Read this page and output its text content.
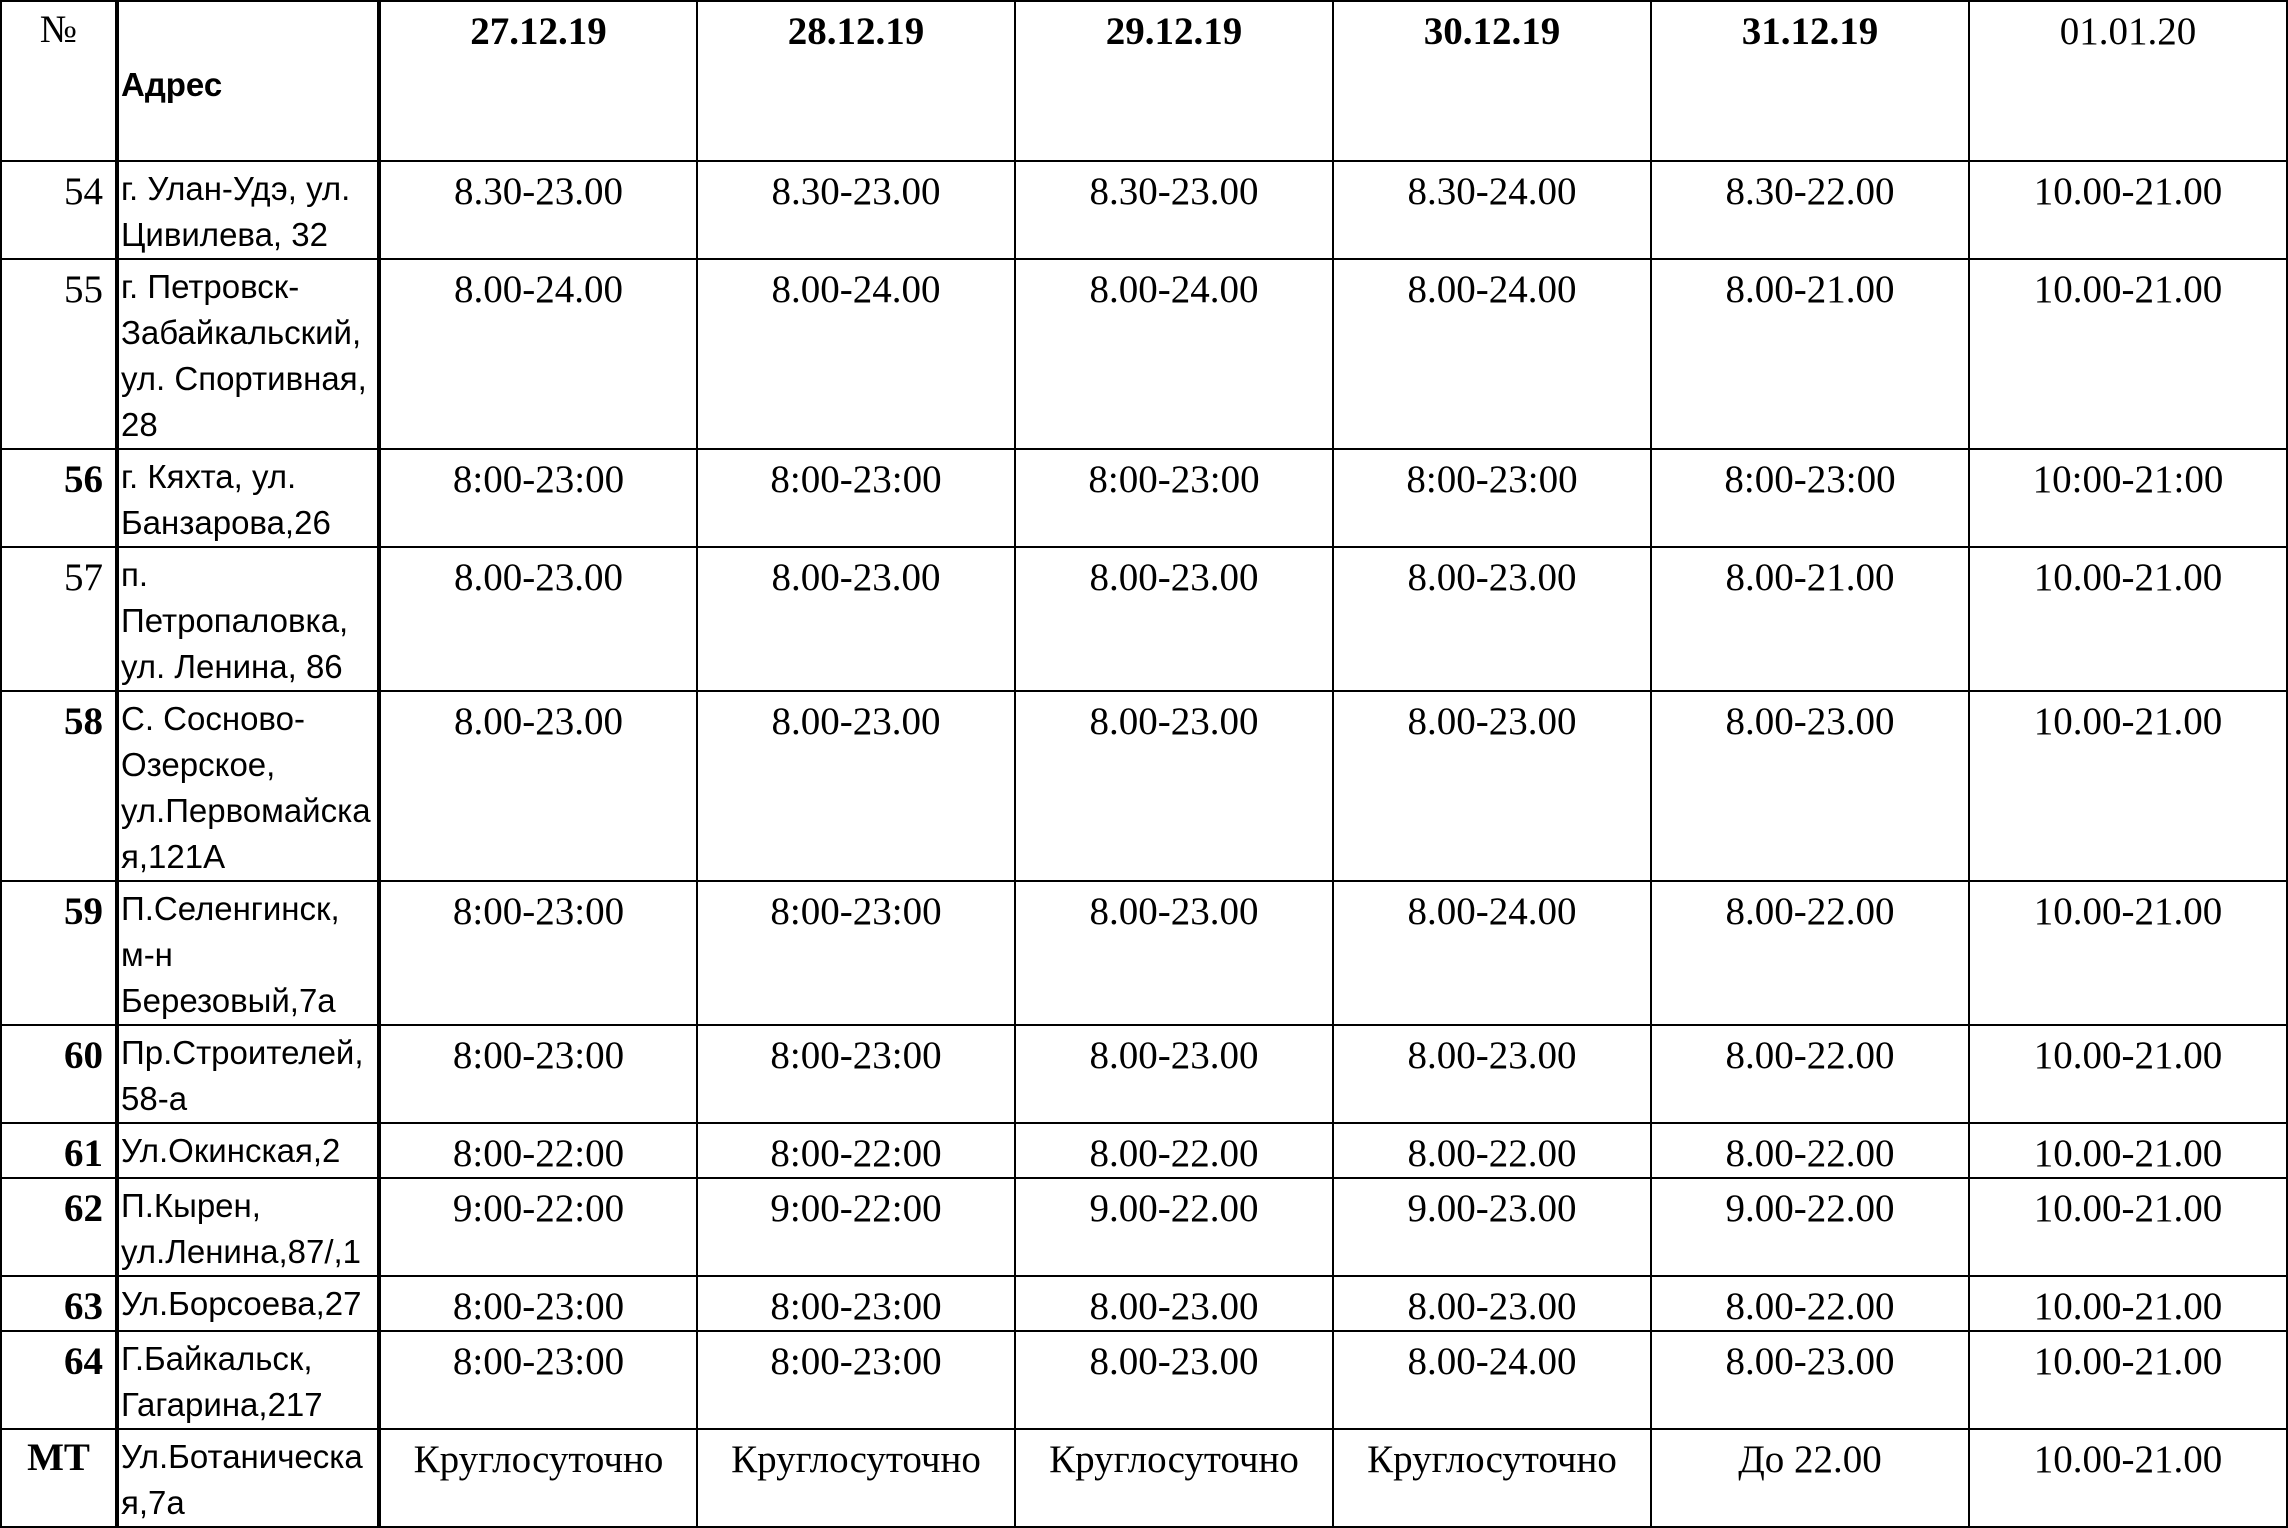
№	Адрес	27.12.19	28.12.19	29.12.19	30.12.19	31.12.19	01.01.20
54	г. Улан-Удэ, ул. Цивилева, 32	8.30-23.00	8.30-23.00	8.30-23.00	8.30-24.00	8.30-22.00	10.00-21.00
55	г. Петровск-Забайкальский, ул. Спортивная, 28	8.00-24.00	8.00-24.00	8.00-24.00	8.00-24.00	8.00-21.00	10.00-21.00
56	г. Кяхта, ул. Банзарова,26	8:00-23:00	8:00-23:00	8:00-23:00	8:00-23:00	8:00-23:00	10:00-21:00
57	п. Петропаловка, ул. Ленина, 86	8.00-23.00	8.00-23.00	8.00-23.00	8.00-23.00	8.00-21.00	10.00-21.00
58	С. Сосново-Озерское, ул.Первомайская,121А	8.00-23.00	8.00-23.00	8.00-23.00	8.00-23.00	8.00-23.00	10.00-21.00
59	П.Селенгинск, м-н Березовый,7а	8:00-23:00	8:00-23:00	8.00-23.00	8.00-24.00	8.00-22.00	10.00-21.00
60	Пр.Строителей, 58-а	8:00-23:00	8:00-23:00	8.00-23.00	8.00-23.00	8.00-22.00	10.00-21.00
61	Ул.Окинская,2	8:00-22:00	8:00-22:00	8.00-22.00	8.00-22.00	8.00-22.00	10.00-21.00
62	П.Кырен, ул.Ленина,87/,1	9:00-22:00	9:00-22:00	9.00-22.00	9.00-23.00	9.00-22.00	10.00-21.00
63	Ул.Борсоева,27	8:00-23:00	8:00-23:00	8.00-23.00	8.00-23.00	8.00-22.00	10.00-21.00
64	Г.Байкальск, Гагарина,217	8:00-23:00	8:00-23:00	8.00-23.00	8.00-24.00	8.00-23.00	10.00-21.00
МТ	Ул.Ботаническая,7а	Круглосуточно	Круглосуточно	Круглосуточно	Круглосуточно	До 22.00	10.00-21.00
